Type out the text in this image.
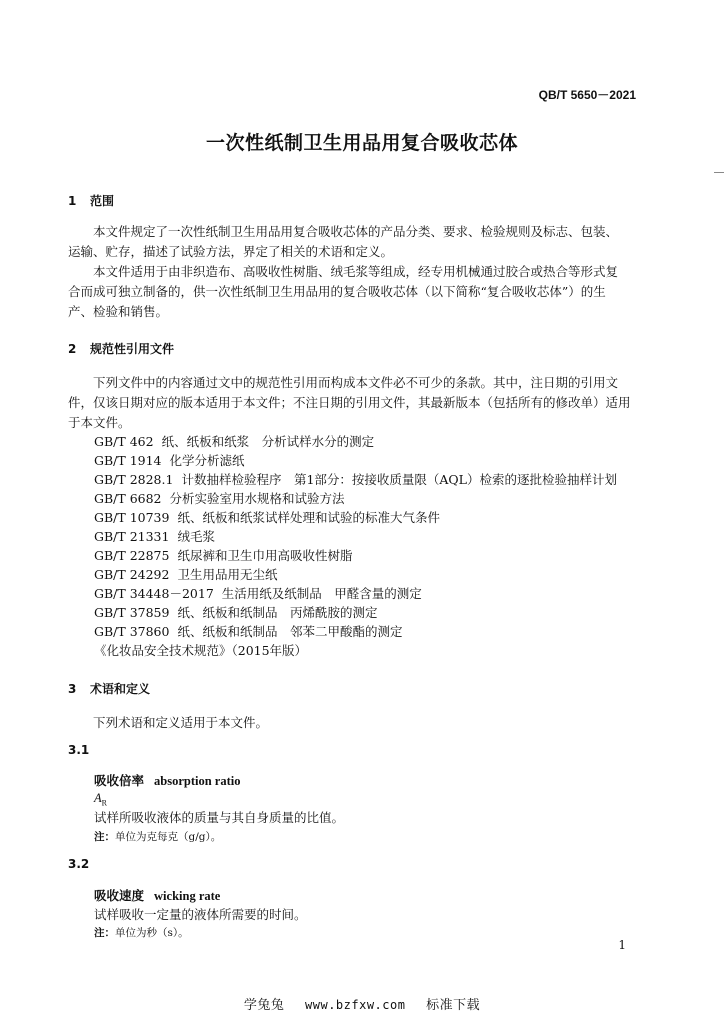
QB/T 5650－2021
一次性纸制卫生用品用复合吸收芯体
1 范围
本文件规定了一次性纸制卫生用品用复合吸收芯体的产品分类、要求、检验规则及标志、包装、
运输、贮存，描述了试验方法，界定了相关的术语和定义。
本文件适用于由非织造布、高吸收性树脂、绒毛浆等组成，经专用机械通过胶合或热合等形式复
合而成可独立制备的，供一次性纸制卫生用品用的复合吸收芯体（以下简称“复合吸收芯体”）的生
产、检验和销售。
2 规范性引用文件
下列文件中的内容通过文中的规范性引用而构成本文件必不可少的条款。其中，注日期的引用文
件，仅该日期对应的版本适用于本文件；不注日期的引用文件，其最新版本（包括所有的修改单）适用
于本文件。
GB/T 462 纸、纸板和纸浆　分析试样水分的测定
GB/T 1914 化学分析滤纸
GB/T 2828.1 计数抽样检验程序　第1部分：按接收质量限（AQL）检索的逐批检验抽样计划
GB/T 6682 分析实验室用水规格和试验方法
GB/T 10739 纸、纸板和纸浆试样处理和试验的标准大气条件
GB/T 21331 绒毛浆
GB/T 22875 纸尿裤和卫生巾用高吸收性树脂
GB/T 24292 卫生用品用无尘纸
GB/T 34448－2017 生活用纸及纸制品　甲醛含量的测定
GB/T 37859 纸、纸板和纸制品　丙烯酰胺的测定
GB/T 37860 纸、纸板和纸制品　邻苯二甲酸酯的测定
《化妆品安全技术规范》（2015年版）
3 术语和定义
下列术语和定义适用于本文件。
3.1
吸收倍率 absorption ratio
$A_R$
试样所吸收液体的质量与其自身质量的比值。
注：单位为克每克（g/g）。
3.2
吸收速度 wicking rate
试样吸收一定量的液体所需要的时间。
注：单位为秒（s）。
1
学兔兔 www.bzfxw.com 标准下载
